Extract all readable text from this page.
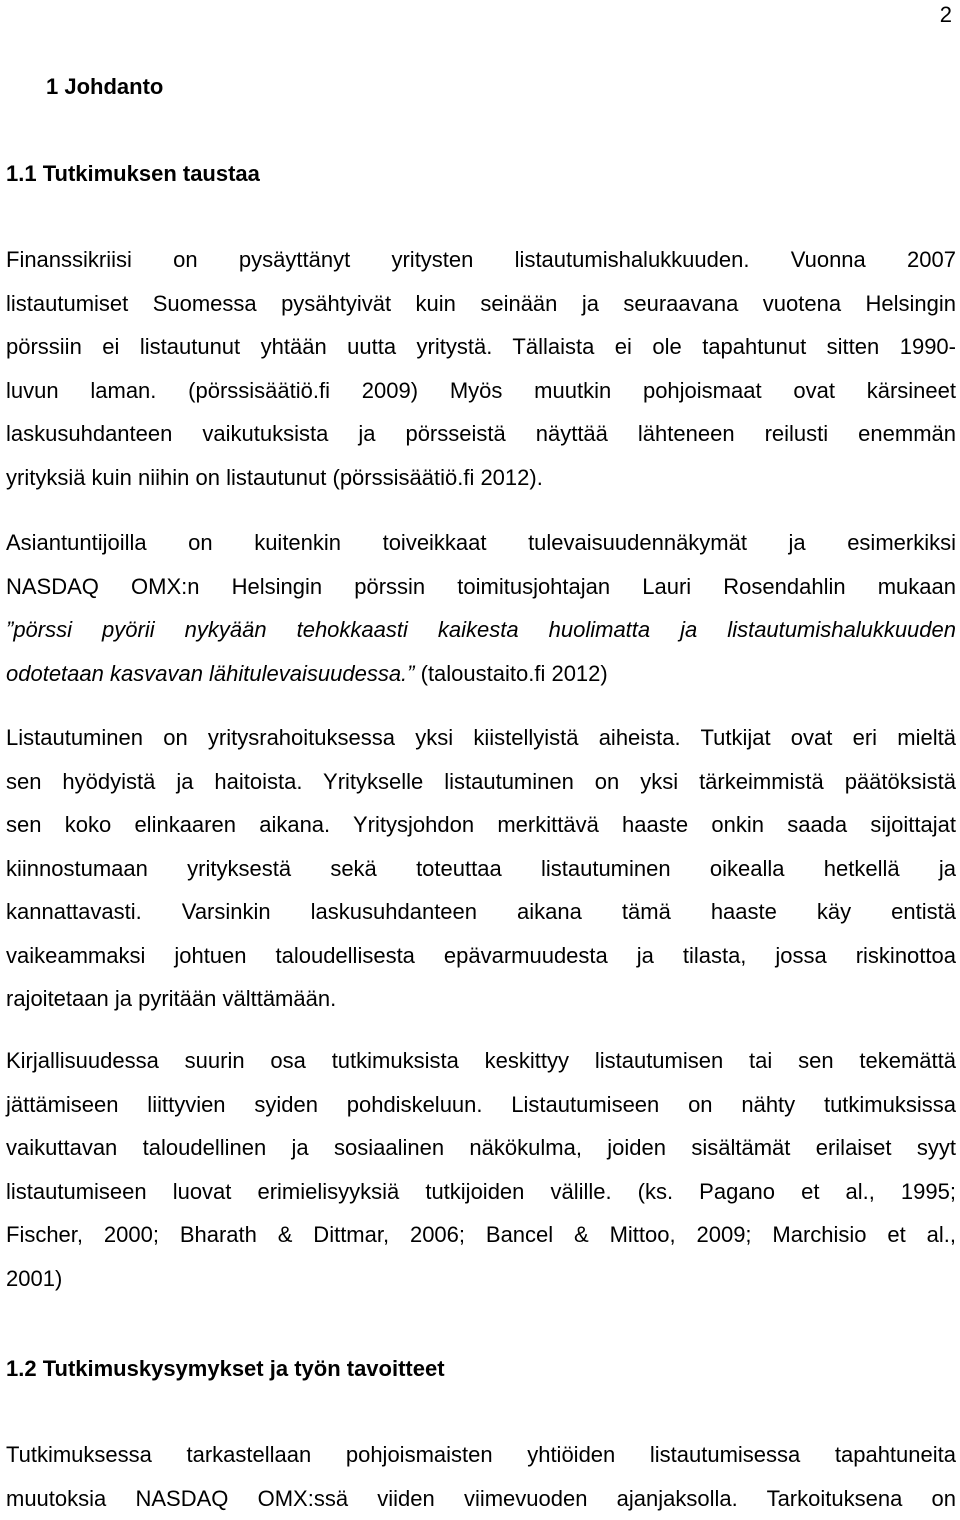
2
1 Johdanto
1.1 Tutkimuksen taustaa
Finanssikriisi on pysäyttänyt yritysten listautumishalukkuuden. Vuonna 2007
listautumiset Suomessa pysähtyivät kuin seinään ja seuraavana vuotena Helsingin
pörssiin ei listautunut yhtään uutta yritystä. Tällaista ei ole tapahtunut sitten 1990-
luvun laman. (pörssisäätiö.fi 2009) Myös muutkin pohjoismaat ovat kärsineet
laskusuhdanteen vaikutuksista ja pörsseistä näyttää lähteneen reilusti enemmän
yrityksiä kuin niihin on listautunut (pörssisäätiö.fi 2012).
Asiantuntijoilla on kuitenkin toiveikkaat tulevaisuudennäkymät ja esimerkiksi
NASDAQ OMX:n Helsingin pörssin toimitusjohtajan Lauri Rosendahlin mukaan
”pörssi pyörii nykyään tehokkaasti kaikesta huolimatta ja listautumishalukkuuden
odotetaan kasvavan lähitulevaisuudessa.” (taloustaito.fi 2012)
Listautuminen on yritysrahoituksessa yksi kiistellyistä aiheista. Tutkijat ovat eri mieltä
sen hyödyistä ja haitoista. Yritykselle listautuminen on yksi tärkeimmistä päätöksistä
sen koko elinkaaren aikana. Yritysjohdon merkittävä haaste onkin saada sijoittajat
kiinnostumaan yrityksestä sekä toteuttaa listautuminen oikealla hetkellä ja
kannattavasti. Varsinkin laskusuhdanteen aikana tämä haaste käy entistä
vaikeammaksi johtuen taloudellisesta epävarmuudesta ja tilasta, jossa riskinottoa
rajoitetaan ja pyritään välttämään.
Kirjallisuudessa suurin osa tutkimuksista keskittyy listautumisen tai sen tekemättä
jättämiseen liittyvien syiden pohdiskeluun. Listautumiseen on nähty tutkimuksissa
vaikuttavan taloudellinen ja sosiaalinen näkökulma, joiden sisältämät erilaiset syyt
listautumiseen luovat erimielisyyksiä tutkijoiden välille. (ks. Pagano et al., 1995;
Fischer, 2000; Bharath & Dittmar, 2006; Bancel & Mittoo, 2009; Marchisio et al.,
2001)
1.2 Tutkimuskysymykset ja työn tavoitteet
Tutkimuksessa tarkastellaan pohjoismaisten yhtiöiden listautumisessa tapahtuneita
muutoksia NASDAQ OMX:ssä viiden viimevuoden ajanjaksolla. Tarkoituksena on
